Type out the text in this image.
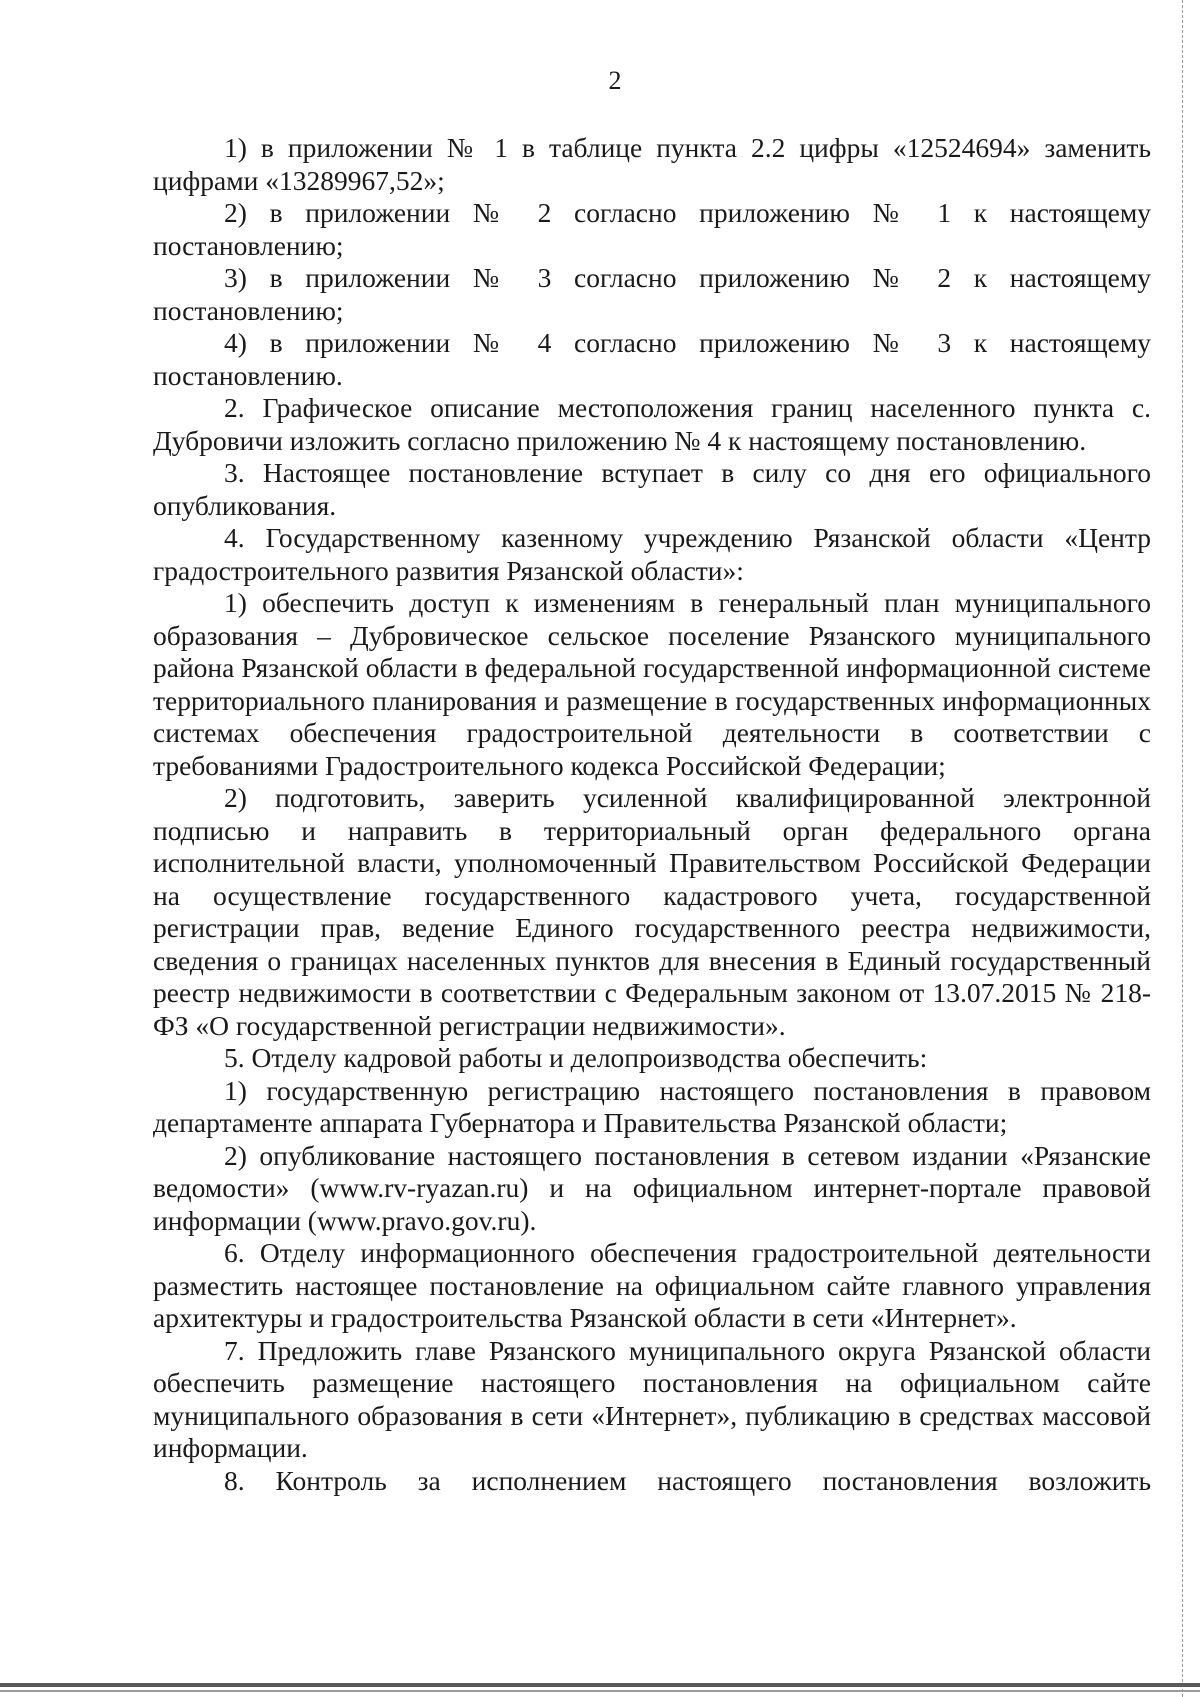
2

1) в приложении № 1 в таблице пункта 2.2 цифры «12524694» заменить цифрами «13289967,52»;

2) в приложении № 2 согласно приложению № 1 к настоящему постановлению;

3) в приложении № 3 согласно приложению № 2 к настоящему постановлению;

4) в приложении № 4 согласно приложению № 3 к настоящему постановлению.

2. Графическое описание местоположения границ населенного пункта с. Дубровичи изложить согласно приложению № 4 к настоящему постановлению.

3. Настоящее постановление вступает в силу со дня его официального опубликования.

4. Государственному казенному учреждению Рязанской области «Центр градостроительного развития Рязанской области»:

1) обеспечить доступ к изменениям в генеральный план муниципального образования – Дубровическое сельское поселение Рязанского муниципального района Рязанской области в федеральной государственной информационной системе территориального планирования и размещение в государственных информационных системах обеспечения градостроительной деятельности в соответствии с требованиями Градостроительного кодекса Российской Федерации;

2) подготовить, заверить усиленной квалифицированной электронной подписью и направить в территориальный орган федерального органа исполнительной власти, уполномоченный Правительством Российской Федерации на осуществление государственного кадастрового учета, государственной регистрации прав, ведение Единого государственного реестра недвижимости, сведения о границах населенных пунктов для внесения в Единый государственный реестр недвижимости в соответствии с Федеральным законом от 13.07.2015 № 218-ФЗ «О государственной регистрации недвижимости».

5. Отделу кадровой работы и делопроизводства обеспечить:

1) государственную регистрацию настоящего постановления в правовом департаменте аппарата Губернатора и Правительства Рязанской области;

2) опубликование настоящего постановления в сетевом издании «Рязанские ведомости» (www.rv-ryazan.ru) и на официальном интернет-портале правовой информации (www.pravo.gov.ru).

6. Отделу информационного обеспечения градостроительной деятельности разместить настоящее постановление на официальном сайте главного управления архитектуры и градостроительства Рязанской области в сети «Интернет».

7. Предложить главе Рязанского муниципального округа Рязанской области обеспечить размещение настоящего постановления на официальном сайте муниципального образования в сети «Интернет», публикацию в средствах массовой информации.

8. Контроль за исполнением настоящего постановления возложить
